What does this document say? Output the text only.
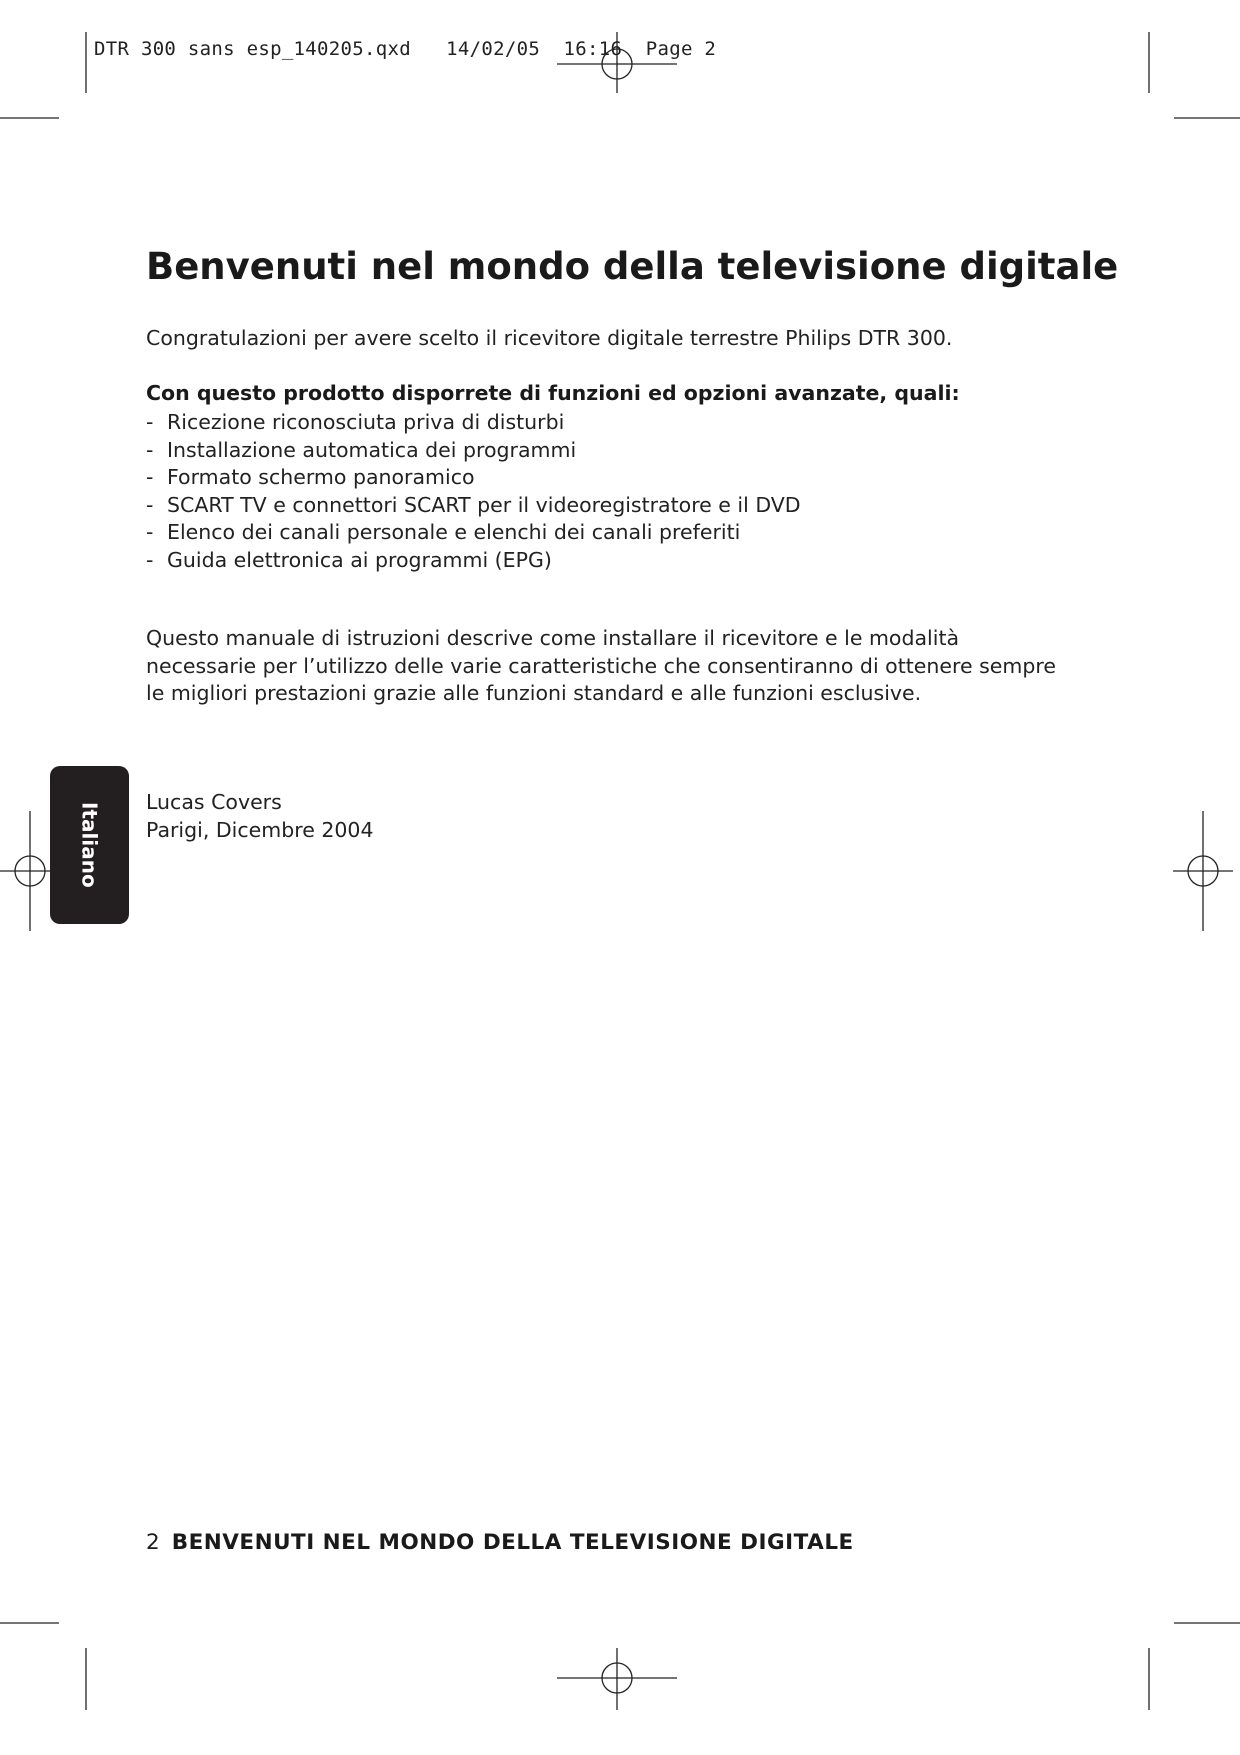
DTR 300 sans esp_140205.qxd   14/02/05  16:16  Page 2
Benvenuti nel mondo della televisione digitale

Congratulazioni per avere scelto il ricevitore digitale terrestre Philips DTR 300.

Con questo prodotto disporrete di funzioni ed opzioni avanzate, quali:

- Ricezione riconosciuta priva di disturbi
- Installazione automatica dei programmi
- Formato schermo panoramico
- SCART TV e connettori SCART per il videoregistratore e il DVD
- Elenco dei canali personale e elenchi dei canali preferiti
- Guida elettronica ai programmi (EPG)

Questo manuale di istruzioni descrive come installare il ricevitore e le modalità necessarie per l’utilizzo delle varie caratteristiche che consentiranno di ottenere sempre le migliori prestazioni grazie alle funzioni standard e alle funzioni esclusive.

Lucas Covers
Parigi, Dicembre 2004
Italiano
2 BENVENUTI NEL MONDO DELLA TELEVISIONE DIGITALE
